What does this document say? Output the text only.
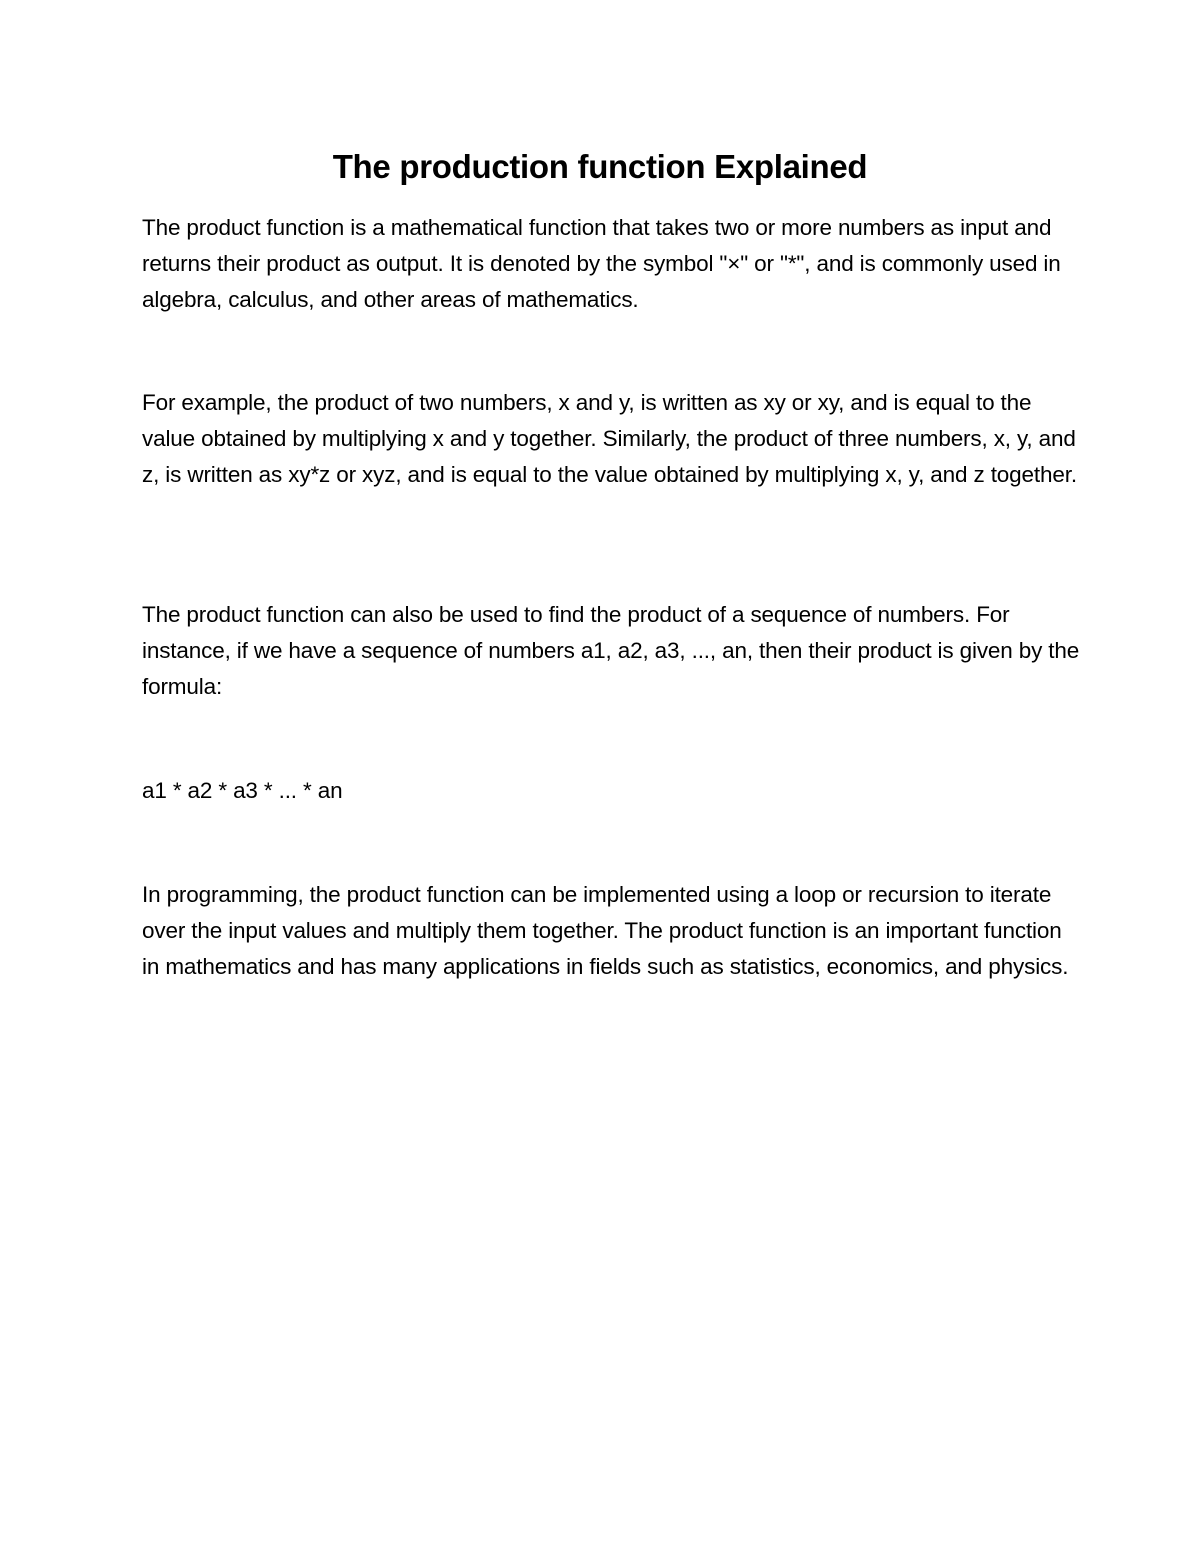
The production function Explained

The product function is a mathematical function that takes two or more numbers as input and returns their product as output. It is denoted by the symbol "×" or "*", and is commonly used in algebra, calculus, and other areas of mathematics.

For example, the product of two numbers, x and y, is written as xy or xy, and is equal to the value obtained by multiplying x and y together. Similarly, the product of three numbers, x, y, and z, is written as xy*z or xyz, and is equal to the value obtained by multiplying x, y, and z together.

The product function can also be used to find the product of a sequence of numbers. For instance, if we have a sequence of numbers a1, a2, a3, ..., an, then their product is given by the formula:

a1 * a2 * a3 * ... * an

In programming, the product function can be implemented using a loop or recursion to iterate over the input values and multiply them together. The product function is an important function in mathematics and has many applications in fields such as statistics, economics, and physics.
